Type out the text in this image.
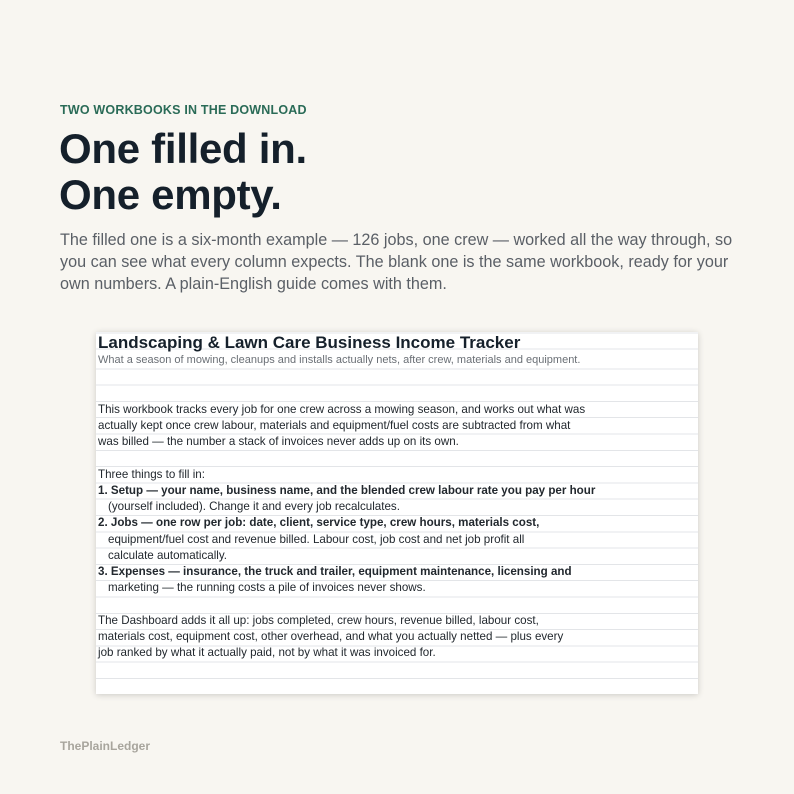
TWO WORKBOOKS IN THE DOWNLOAD
One filled in.
One empty.
The filled one is a six-month example — 126 jobs, one crew — worked all the way through, so you can see what every column expects. The blank one is the same workbook, ready for your own numbers. A plain-English guide comes with them.
Landscaping & Lawn Care Business Income Tracker
What a season of mowing, cleanups and installs actually nets, after crew, materials and equipment.
This workbook tracks every job for one crew across a mowing season, and works out what was
actually kept once crew labour, materials and equipment/fuel costs are subtracted from what
was billed — the number a stack of invoices never adds up on its own.
Three things to fill in:
1. Setup — your name, business name, and the blended crew labour rate you pay per hour
(yourself included). Change it and every job recalculates.
2. Jobs — one row per job: date, client, service type, crew hours, materials cost,
equipment/fuel cost and revenue billed. Labour cost, job cost and net job profit all
calculate automatically.
3. Expenses — insurance, the truck and trailer, equipment maintenance, licensing and
marketing — the running costs a pile of invoices never shows.
The Dashboard adds it all up: jobs completed, crew hours, revenue billed, labour cost,
materials cost, equipment cost, other overhead, and what you actually netted — plus every
job ranked by what it actually paid, not by what it was invoiced for.
ThePlainLedger
